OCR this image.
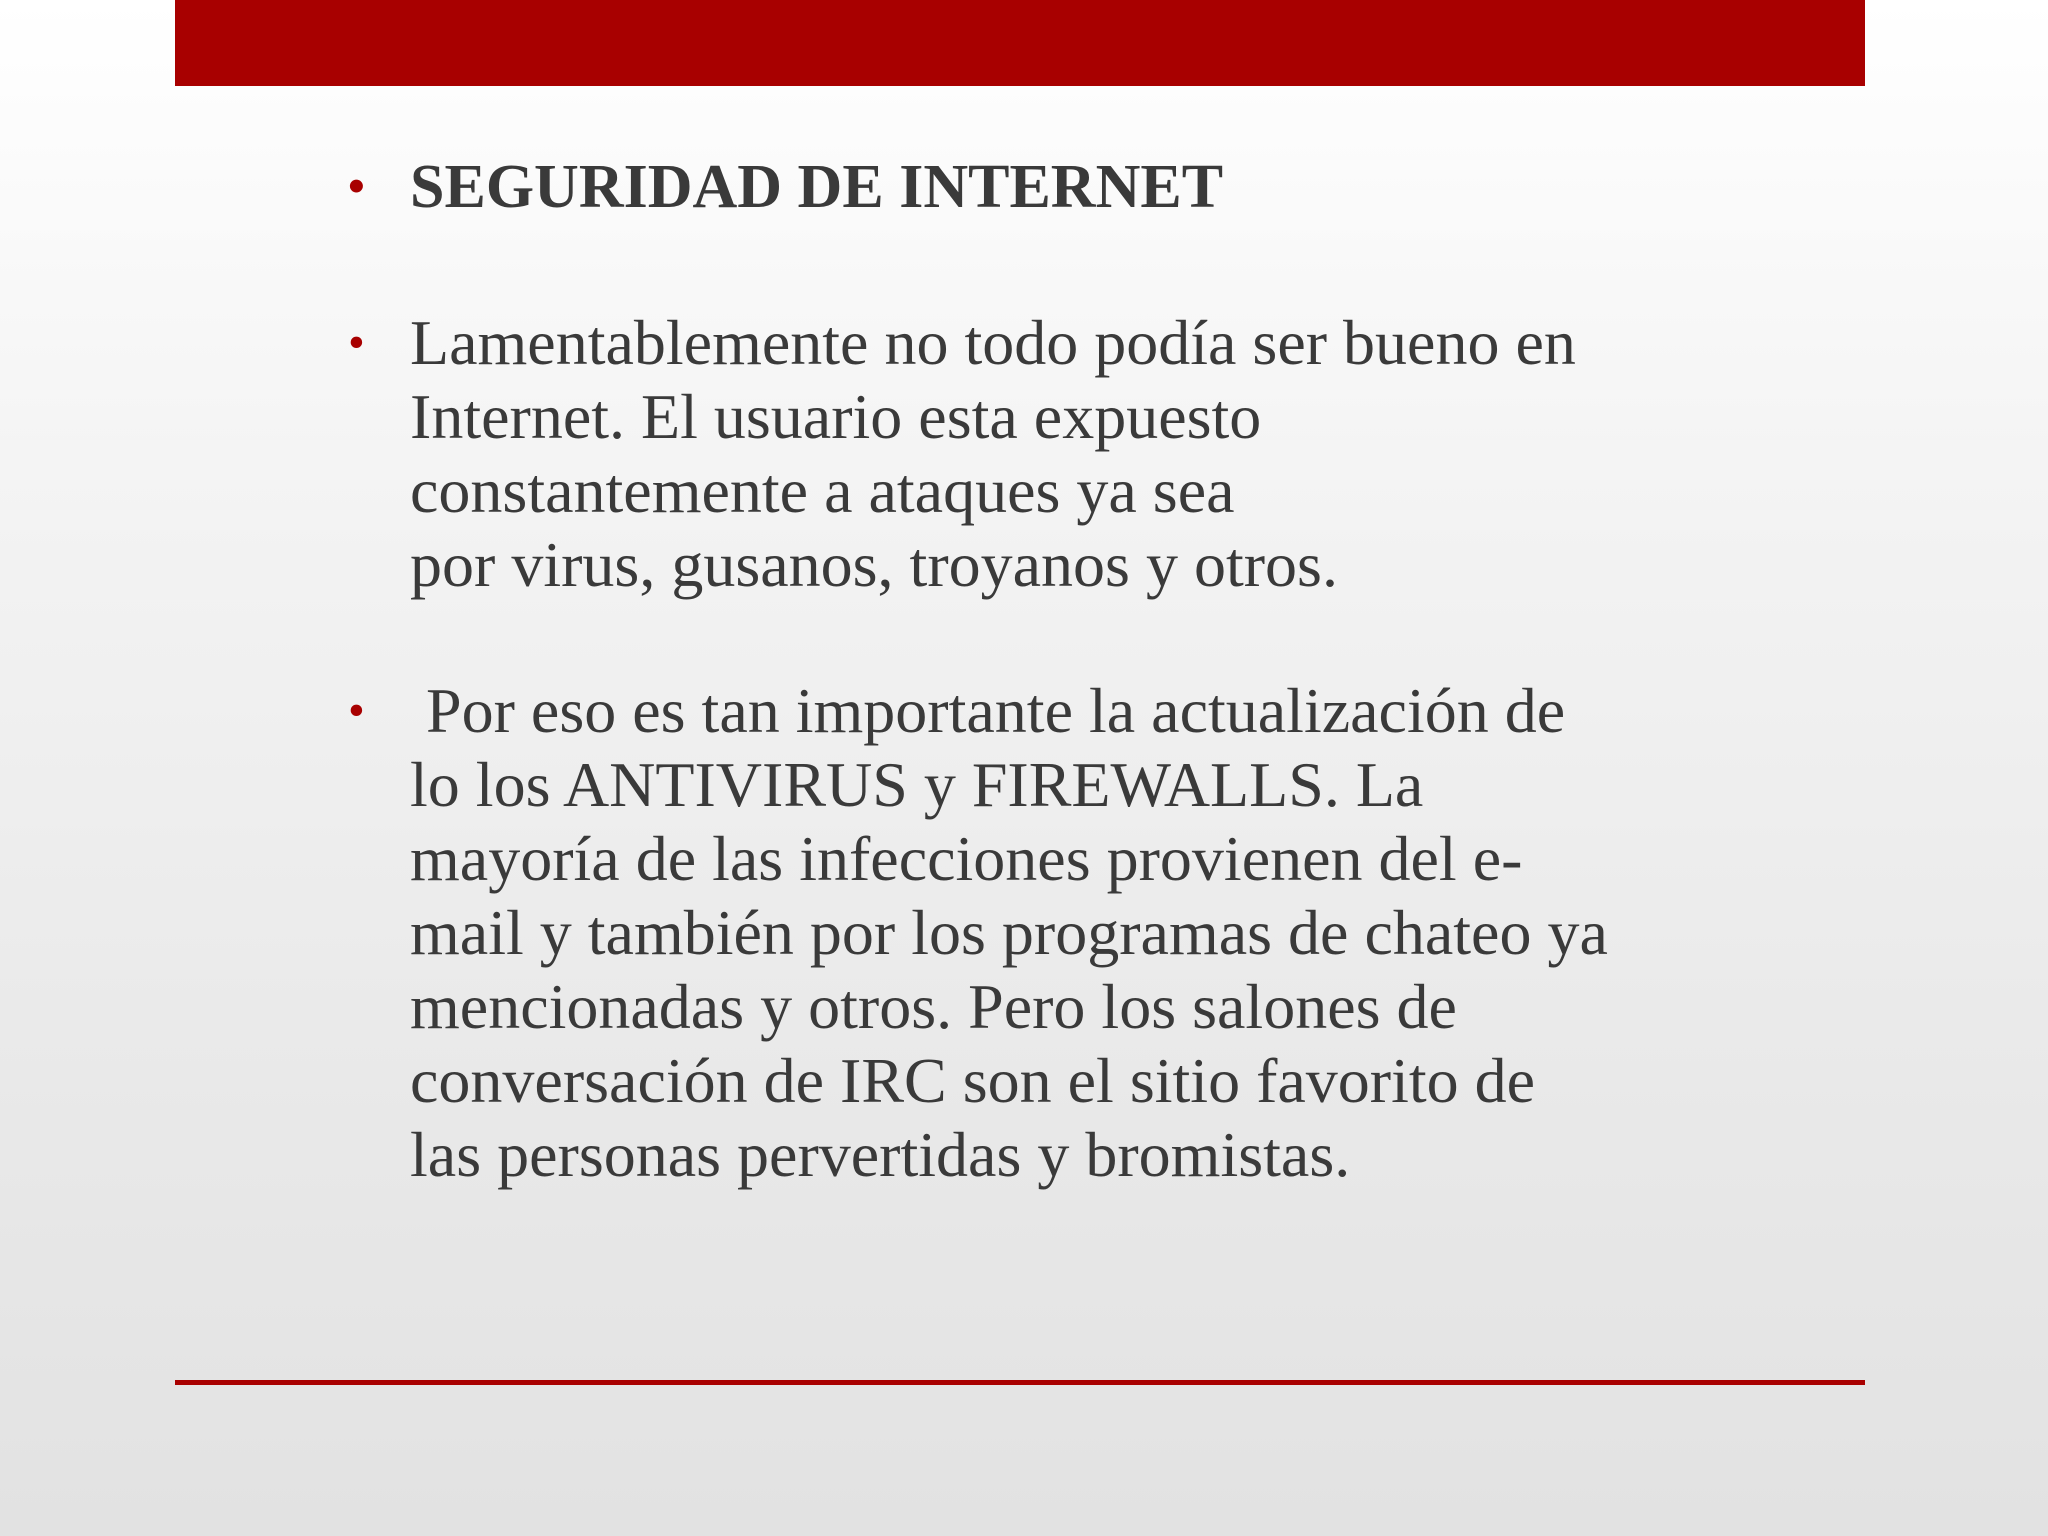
• SEGURIDAD DE INTERNET
• Lamentablemente no todo podía ser bueno en
Internet. El usuario esta expuesto
constantemente a ataques ya sea
por virus, gusanos, troyanos y otros.
• Por eso es tan importante la actualización de
lo los ANTIVIRUS y FIREWALLS. La
mayoría de las infecciones provienen del e-
mail y también por los programas de chateo ya
mencionadas y otros. Pero los salones de
conversación de IRC son el sitio favorito de
las personas pervertidas y bromistas.
